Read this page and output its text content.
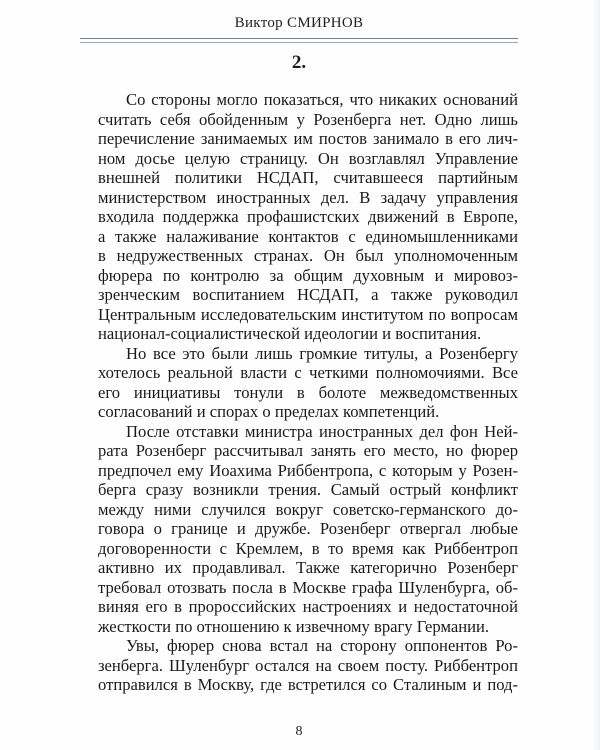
Виктор СМИРНОВ
2.
Со стороны могло показаться, что никаких оснований
считать себя обойденным у Розенберга нет. Одно лишь
перечисление занимаемых им постов занимало в его лич-
ном досье целую страницу. Он возглавлял Управление
внешней политики НСДАП, считавшееся партийным
министерством иностранных дел. В задачу управления
входила поддержка профашистских движений в Европе,
а также налаживание контактов с единомышленниками
в недружественных странах. Он был уполномоченным
фюрера по контролю за общим духовным и мировоз-
зренческим воспитанием НСДАП, а также руководил
Центральным исследовательским институтом по вопросам
национал-социалистической идеологии и воспитания.
Но все это были лишь громкие титулы, а Розенбергу
хотелось реальной власти с четкими полномочиями. Все
его инициативы тонули в болоте межведомственных
согласований и спорах о пределах компетенций.
После отставки министра иностранных дел фон Ней-
рата Розенберг рассчитывал занять его место, но фюрер
предпочел ему Иоахима Риббентропа, с которым у Розен-
берга сразу возникли трения. Самый острый конфликт
между ними случился вокруг советско-германского до-
говора о границе и дружбе. Розенберг отвергал любые
договоренности с Кремлем, в то время как Риббентроп
активно их продавливал. Также категорично Розенберг
требовал отозвать посла в Москве графа Шуленбурга, об-
виняя его в пророссийских настроениях и недостаточной
жесткости по отношению к извечному врагу Германии.
Увы, фюрер снова встал на сторону оппонентов Ро-
зенберга. Шуленбург остался на своем посту. Риббентроп
отправился в Москву, где встретился со Сталиным и под-
8
